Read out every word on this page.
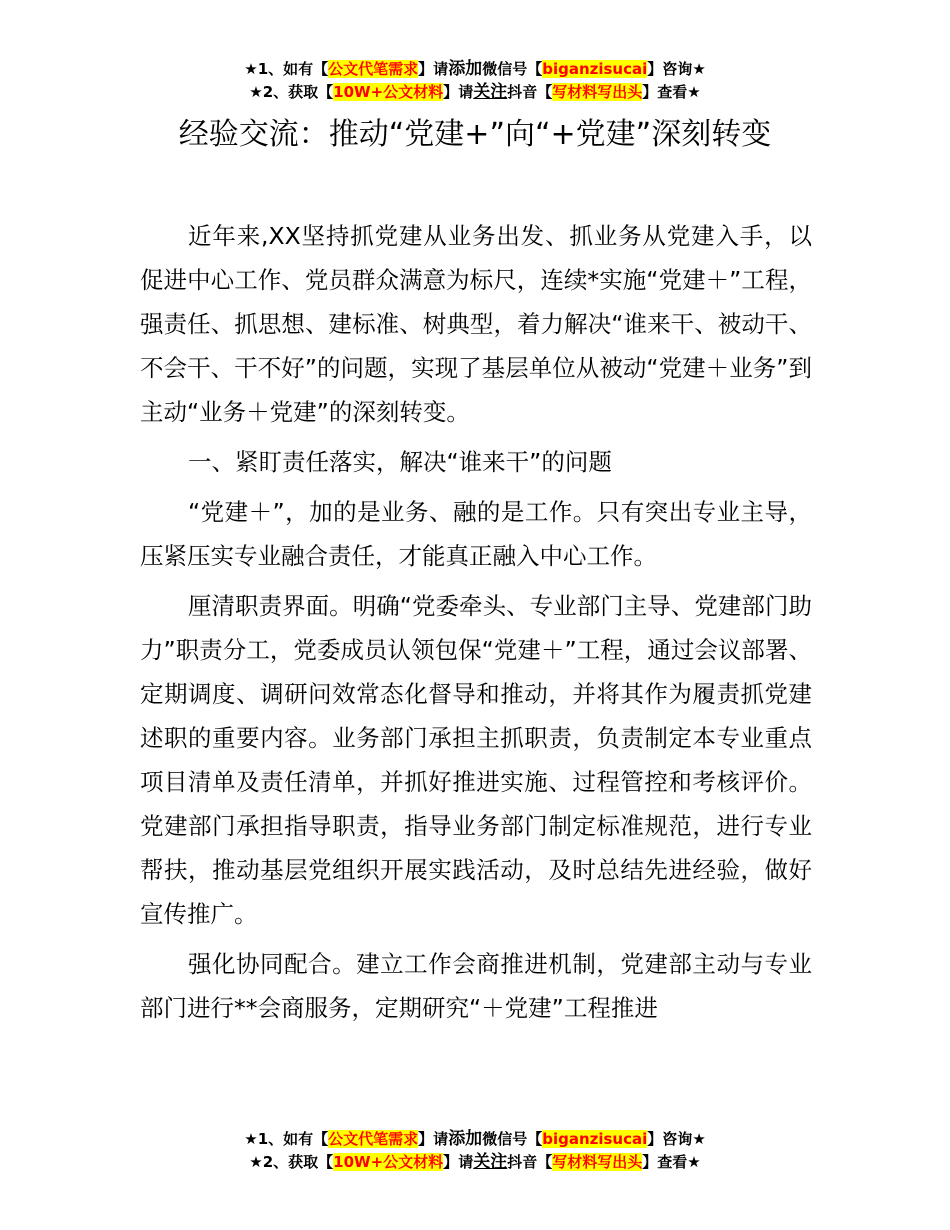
★1、如有【公文代笔需求】请添加微信号【biganzisucai】咨询★
★2、获取【10W+公文材料】请关注抖音【写材料写出头】查看★
经验交流：推动“党建+”向“+党建”深刻转变

近年来,XX坚持抓党建从业务出发、抓业务从党建入手，以促进中心工作、党员群众满意为标尺，连续*实施“党建＋”工程，强责任、抓思想、建标准、树典型，着力解决“谁来干、被动干、不会干、干不好”的问题，实现了基层单位从被动“党建＋业务”到主动“业务＋党建”的深刻转变。

一、紧盯责任落实，解决“谁来干”的问题

“党建＋”，加的是业务、融的是工作。只有突出专业主导，压紧压实专业融合责任，才能真正融入中心工作。

厘清职责界面。明确“党委牵头、专业部门主导、党建部门助力”职责分工，党委成员认领包保“党建＋”工程，通过会议部署、定期调度、调研问效常态化督导和推动，并将其作为履责抓党建述职的重要内容。业务部门承担主抓职责，负责制定本专业重点项目清单及责任清单，并抓好推进实施、过程管控和考核评价。党建部门承担指导职责，指导业务部门制定标准规范，进行专业帮扶，推动基层党组织开展实践活动，及时总结先进经验，做好宣传推广。

强化协同配合。建立工作会商推进机制，党建部主动与专业部门进行**会商服务，定期研究“＋党建”工程推进

★1、如有【公文代笔需求】请添加微信号【biganzisucai】咨询★
★2、获取【10W+公文材料】请关注抖音【写材料写出头】查看★
